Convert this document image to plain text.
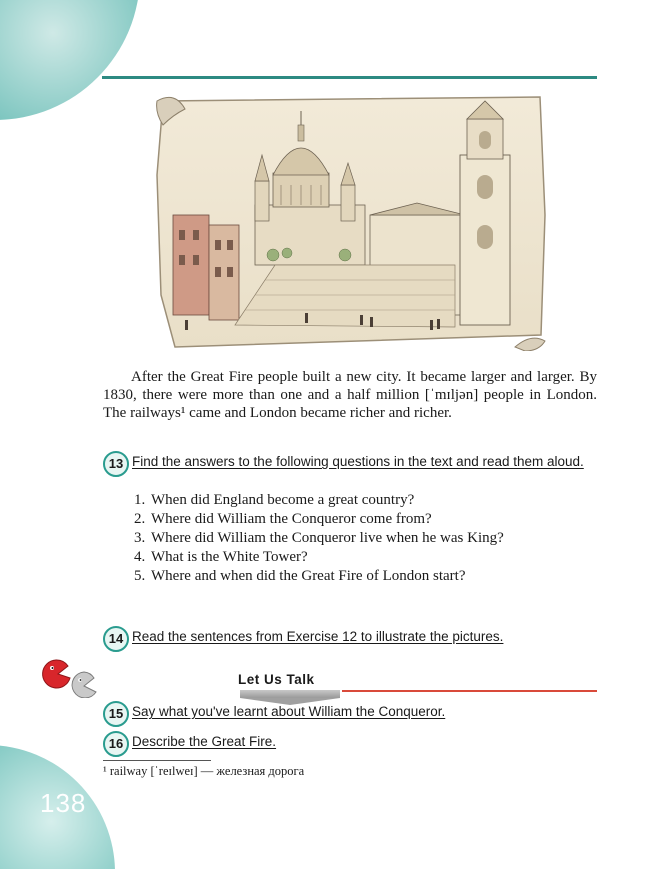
138

After the Great Fire people built a new city. It became larger and larger. By 1830, there were more than one and a half million [ˈmɪljən] people in London. The railways¹ came and London became richer and richer.

13 Find the answers to the following questions in the text and read them aloud.
1. When did England become a great country?
2. Where did William the Conqueror come from?
3. Where did William the Conqueror live when he was King?
4. What is the White Tower?
5. Where and when did the Great Fire of London start?
14 Read the sentences from Exercise 12 to illustrate the pictures.
Let Us Talk
15 Say what you've learnt about William the Conqueror.
16 Describe the Great Fire.
¹ railway [ˈreɪlweɪ] — железная дорога
